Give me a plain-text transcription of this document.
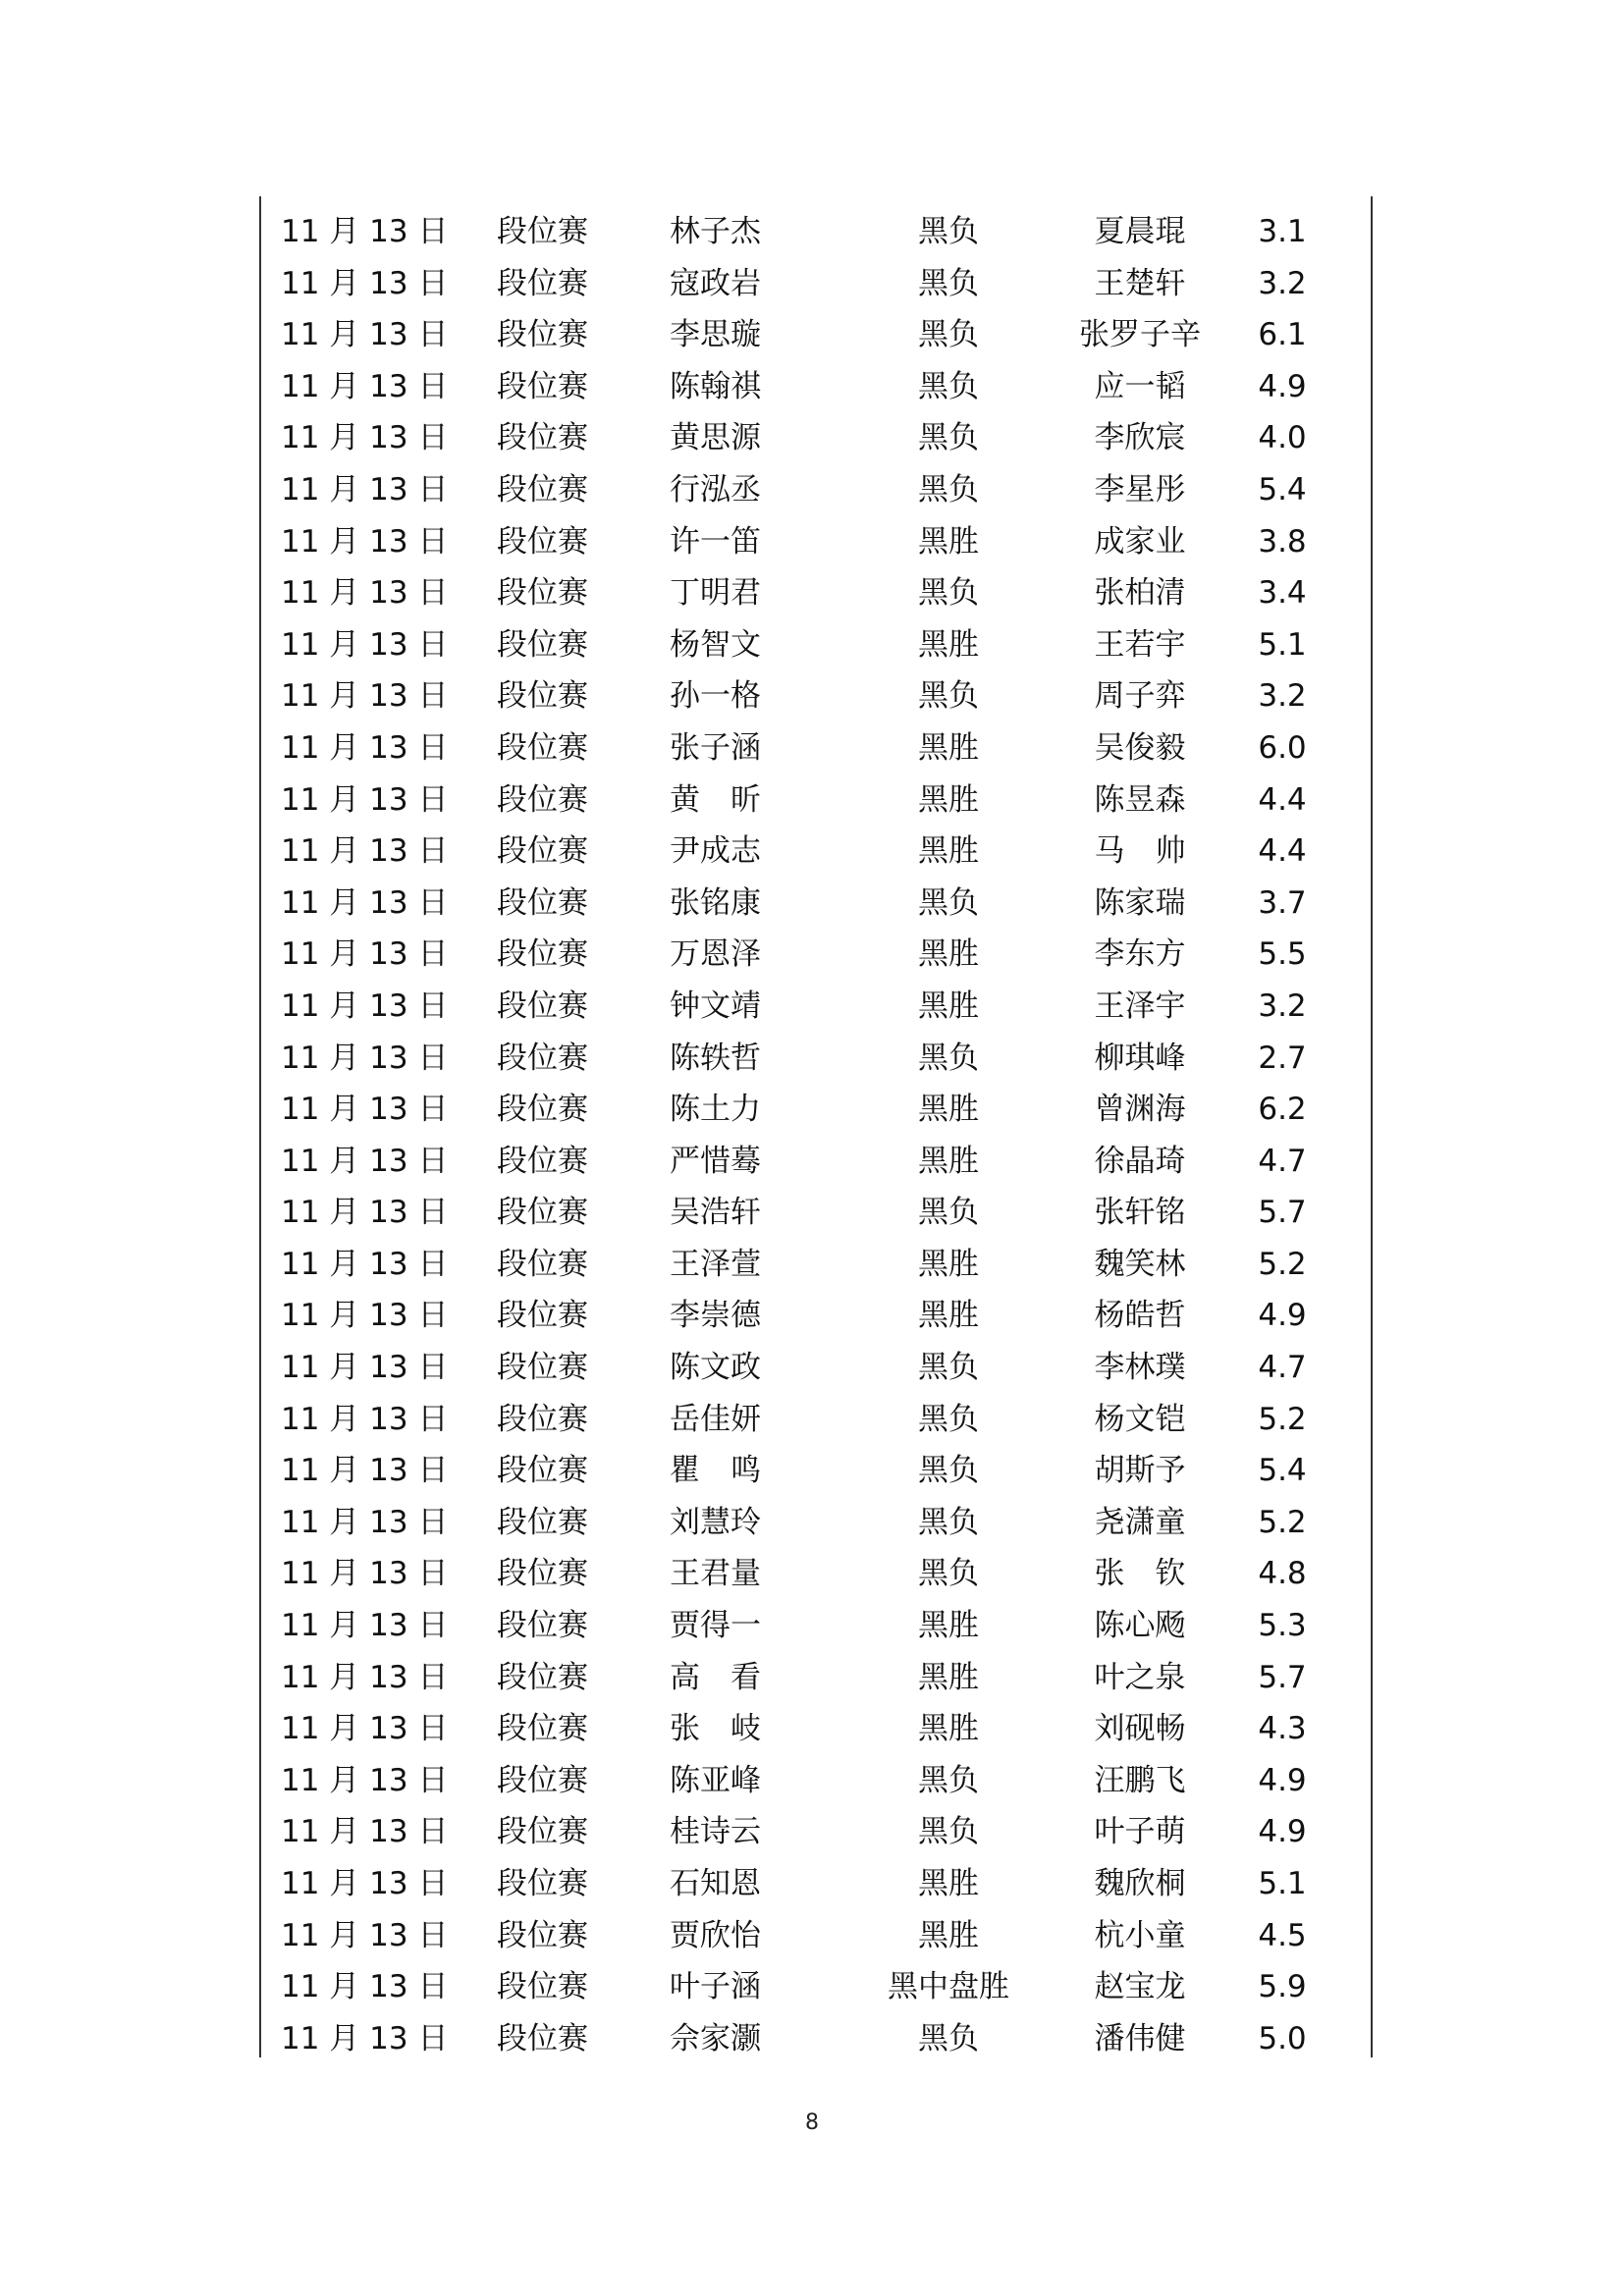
11 月 13 日 段位赛	林子杰	黑负	夏晨琨	3.1
11 月 13 日 段位赛	寇政岩	黑负	王楚轩	3.2
11 月 13 日 段位赛	李思璇	黑负	张罗子辛	6.1
11 月 13 日 段位赛	陈翰祺	黑负	应一韬	4.9
11 月 13 日 段位赛	黄思源	黑负	李欣宸	4.0
11 月 13 日 段位赛	行泓丞	黑负	李星彤	5.4
11 月 13 日 段位赛	许一笛	黑胜	成家业	3.8
11 月 13 日 段位赛	丁明君	黑负	张柏清	3.4
11 月 13 日 段位赛	杨智文	黑胜	王若宇	5.1
11 月 13 日 段位赛	孙一格	黑负	周子弈	3.2
11 月 13 日 段位赛	张子涵	黑胜	吴俊毅	6.0
11 月 13 日 段位赛	黄　昕	黑胜	陈昱森	4.4
11 月 13 日 段位赛	尹成志	黑胜	马　帅	4.4
11 月 13 日 段位赛	张铭康	黑负	陈家瑞	3.7
11 月 13 日 段位赛	万恩泽	黑胜	李东方	5.5
11 月 13 日 段位赛	钟文靖	黑胜	王泽宇	3.2
11 月 13 日 段位赛	陈轶哲	黑负	柳琪峰	2.7
11 月 13 日 段位赛	陈土力	黑胜	曾渊海	6.2
11 月 13 日 段位赛	严惜蓦	黑胜	徐晶琦	4.7
11 月 13 日 段位赛	吴浩轩	黑负	张轩铭	5.7
11 月 13 日 段位赛	王泽萱	黑胜	魏笑林	5.2
11 月 13 日 段位赛	李崇德	黑胜	杨皓哲	4.9
11 月 13 日 段位赛	陈文政	黑负	李林璞	4.7
11 月 13 日 段位赛	岳佳妍	黑负	杨文铠	5.2
11 月 13 日 段位赛	瞿　鸣	黑负	胡斯予	5.4
11 月 13 日 段位赛	刘慧玲	黑负	尧潇童	5.2
11 月 13 日 段位赛	王君量	黑负	张　钦	4.8
11 月 13 日 段位赛	贾得一	黑胜	陈心飏	5.3
11 月 13 日 段位赛	高　看	黑胜	叶之泉	5.7
11 月 13 日 段位赛	张　岐	黑胜	刘砚畅	4.3
11 月 13 日 段位赛	陈亚峰	黑负	汪鹏飞	4.9
11 月 13 日 段位赛	桂诗云	黑负	叶子萌	4.9
11 月 13 日 段位赛	石知恩	黑胜	魏欣桐	5.1
11 月 13 日 段位赛	贾欣怡	黑胜	杭小童	4.5
11 月 13 日 段位赛	叶子涵	黑中盘胜	赵宝龙	5.9
11 月 13 日 段位赛	佘家灏	黑负	潘伟健	5.0
8
